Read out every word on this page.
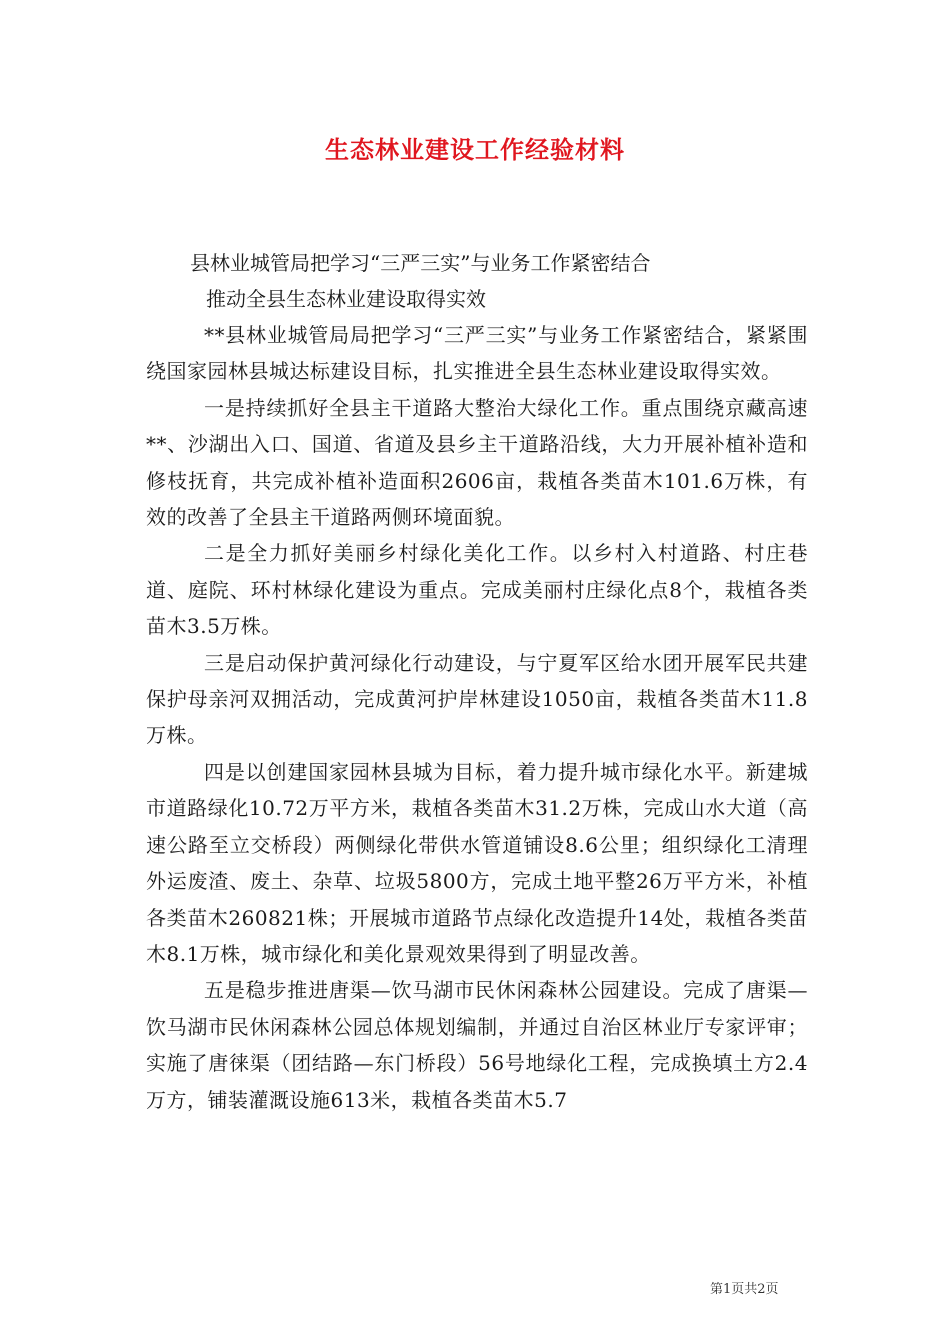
生态林业建设工作经验材料
县林业城管局把学习“三严三实”与业务工作紧密结合
推动全县生态林业建设取得实效

**县林业城管局局把学习“三严三实”与业务工作紧密结合，紧紧围绕国家园林县城达标建设目标，扎实推进全县生态林业建设取得实效。

一是持续抓好全县主干道路大整治大绿化工作。重点围绕京藏高速**、沙湖出入口、国道、省道及县乡主干道路沿线，大力开展补植补造和修枝抚育，共完成补植补造面积2606亩，栽植各类苗木101.6万株，有效的改善了全县主干道路两侧环境面貌。

二是全力抓好美丽乡村绿化美化工作。以乡村入村道路、村庄巷道、庭院、环村林绿化建设为重点。完成美丽村庄绿化点8个，栽植各类苗木3.5万株。

三是启动保护黄河绿化行动建设，与宁夏军区给水团开展军民共建保护母亲河双拥活动，完成黄河护岸林建设1050亩，栽植各类苗木11.8万株。

四是以创建国家园林县城为目标，着力提升城市绿化水平。新建城市道路绿化10.72万平方米，栽植各类苗木31.2万株，完成山水大道（高速公路至立交桥段）两侧绿化带供水管道铺设8.6公里；组织绿化工清理外运废渣、废土、杂草、垃圾5800方，完成土地平整26万平方米，补植各类苗木260821株；开展城市道路节点绿化改造提升14处，栽植各类苗木8.1万株，城市绿化和美化景观效果得到了明显改善。

五是稳步推进唐渠—饮马湖市民休闲森林公园建设。完成了唐渠—饮马湖市民休闲森林公园总体规划编制，并通过自治区林业厅专家评审；实施了唐徕渠（团结路—东门桥段）56号地绿化工程，完成换填土方2.4万方，铺装灌溉设施613米，栽植各类苗木5.7

第1页共2页
